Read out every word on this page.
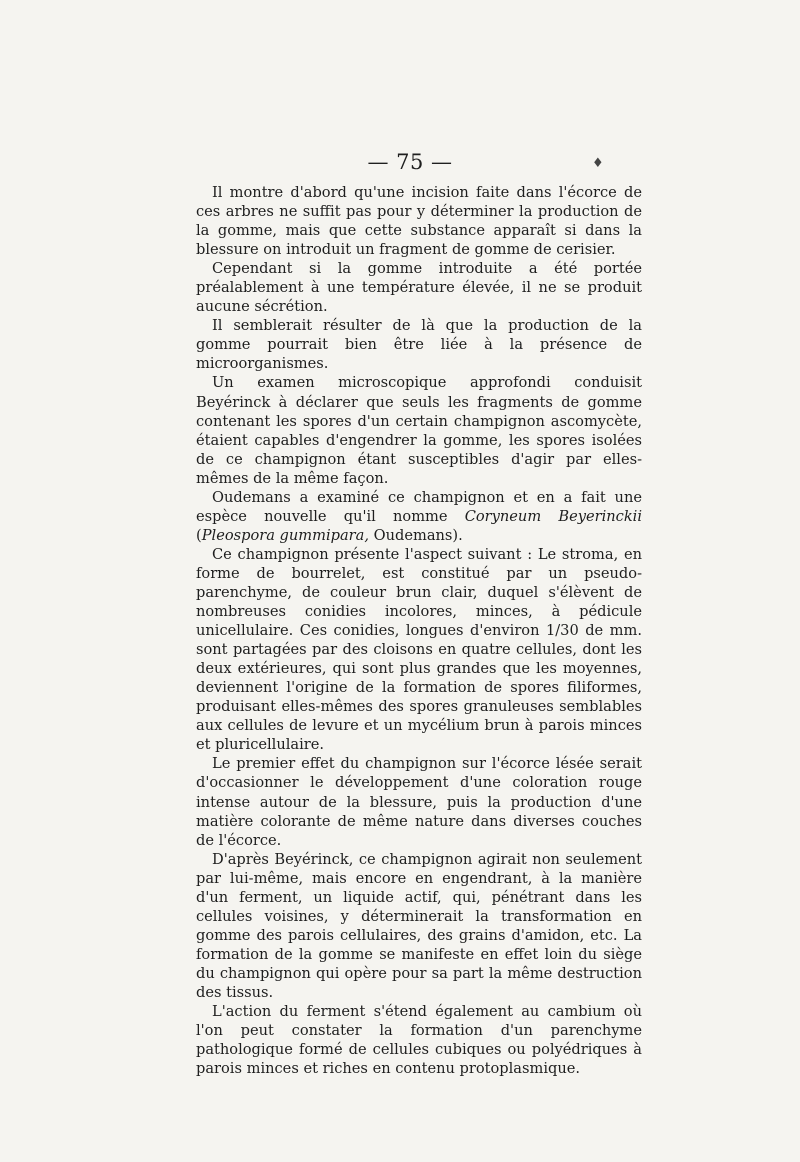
— 75 —	♦

Il montre d'abord qu'une incision faite dans l'écorce de ces arbres ne suffit pas pour y déterminer la production de la gomme, mais que cette substance apparaît si dans la blessure on introduit un fragment de gomme de cerisier.

Cependant si la gomme introduite a été portée préalablement à une température élevée, il ne se produit aucune sécrétion.

Il semblerait résulter de là que la production de la gomme pourrait bien être liée à la présence de microorganismes.

Un examen microscopique approfondi conduisit Beyérinck à déclarer que seuls les fragments de gomme contenant les spores d'un certain champignon ascomycète, étaient capables d'engendrer la gomme, les spores isolées de ce champignon étant susceptibles d'agir par elles-mêmes de la même façon.

Oudemans a examiné ce champignon et en a fait une espèce nouvelle qu'il nomme Coryneum Beyerinckii (Pleospora gummipara, Oudemans).

Ce champignon présente l'aspect suivant : Le stroma, en forme de bourrelet, est constitué par un pseudo-parenchyme, de couleur brun clair, duquel s'élèvent de nombreuses conidies incolores, minces, à pédicule unicellulaire. Ces conidies, longues d'environ 1/30 de mm. sont partagées par des cloisons en quatre cellules, dont les deux extérieures, qui sont plus grandes que les moyennes, deviennent l'origine de la formation de spores filiformes, produisant elles-mêmes des spores granuleuses semblables aux cellules de levure et un mycélium brun à parois minces et pluricellulaire.

Le premier effet du champignon sur l'écorce lésée serait d'occasionner le développement d'une coloration rouge intense autour de la blessure, puis la production d'une matière colorante de même nature dans diverses couches de l'écorce.

D'après Beyérinck, ce champignon agirait non seulement par lui-même, mais encore en engendrant, à la manière d'un ferment, un liquide actif, qui, pénétrant dans les cellules voisines, y déterminerait la transformation en gomme des parois cellulaires, des grains d'amidon, etc. La formation de la gomme se manifeste en effet loin du siège du champignon qui opère pour sa part la même destruction des tissus.

L'action du ferment s'étend également au cambium où l'on peut constater la formation d'un parenchyme pathologique formé de cellules cubiques ou polyédriques à parois minces et riches en contenu protoplasmique.
